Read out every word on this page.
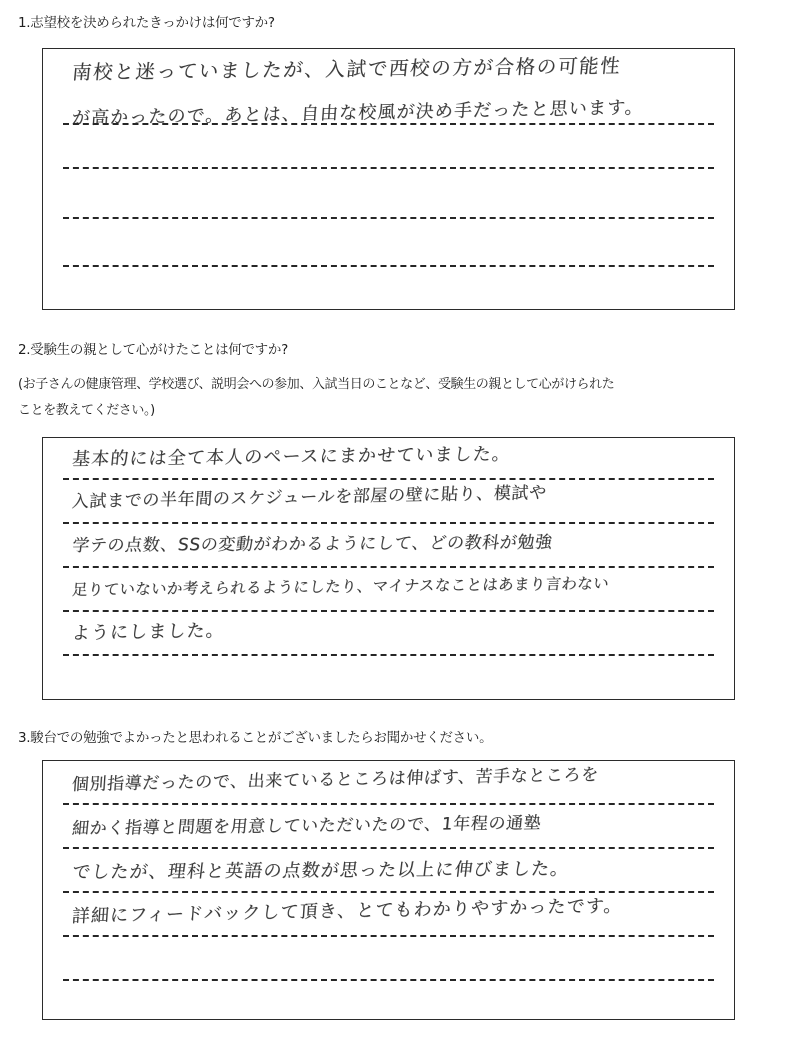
1.志望校を決められたきっかけは何ですか?
南校と迷っていましたが、入試で西校の方が合格の可能性
が高かったので。あとは、自由な校風が決め手だったと思います。
2.受験生の親として心がけたことは何ですか?
(お子さんの健康管理、学校選び、説明会への参加、入試当日のことなど、受験生の親として心がけられた
ことを教えてください。)
基本的には全て本人のペースにまかせていました。
入試までの半年間のスケジュールを部屋の壁に貼り、模試や
学テの点数、SSの変動がわかるようにして、どの教科が勉強
足りていないか考えられるようにしたり、マイナスなことはあまり言わない
ようにしました。
3.駿台での勉強でよかったと思われることがございましたらお聞かせください。
個別指導だったので、出来ているところは伸ばす、苦手なところを
細かく指導と問題を用意していただいたので、1年程の通塾
でしたが、理科と英語の点数が思った以上に伸びました。
詳細にフィードバックして頂き、とてもわかりやすかったです。
